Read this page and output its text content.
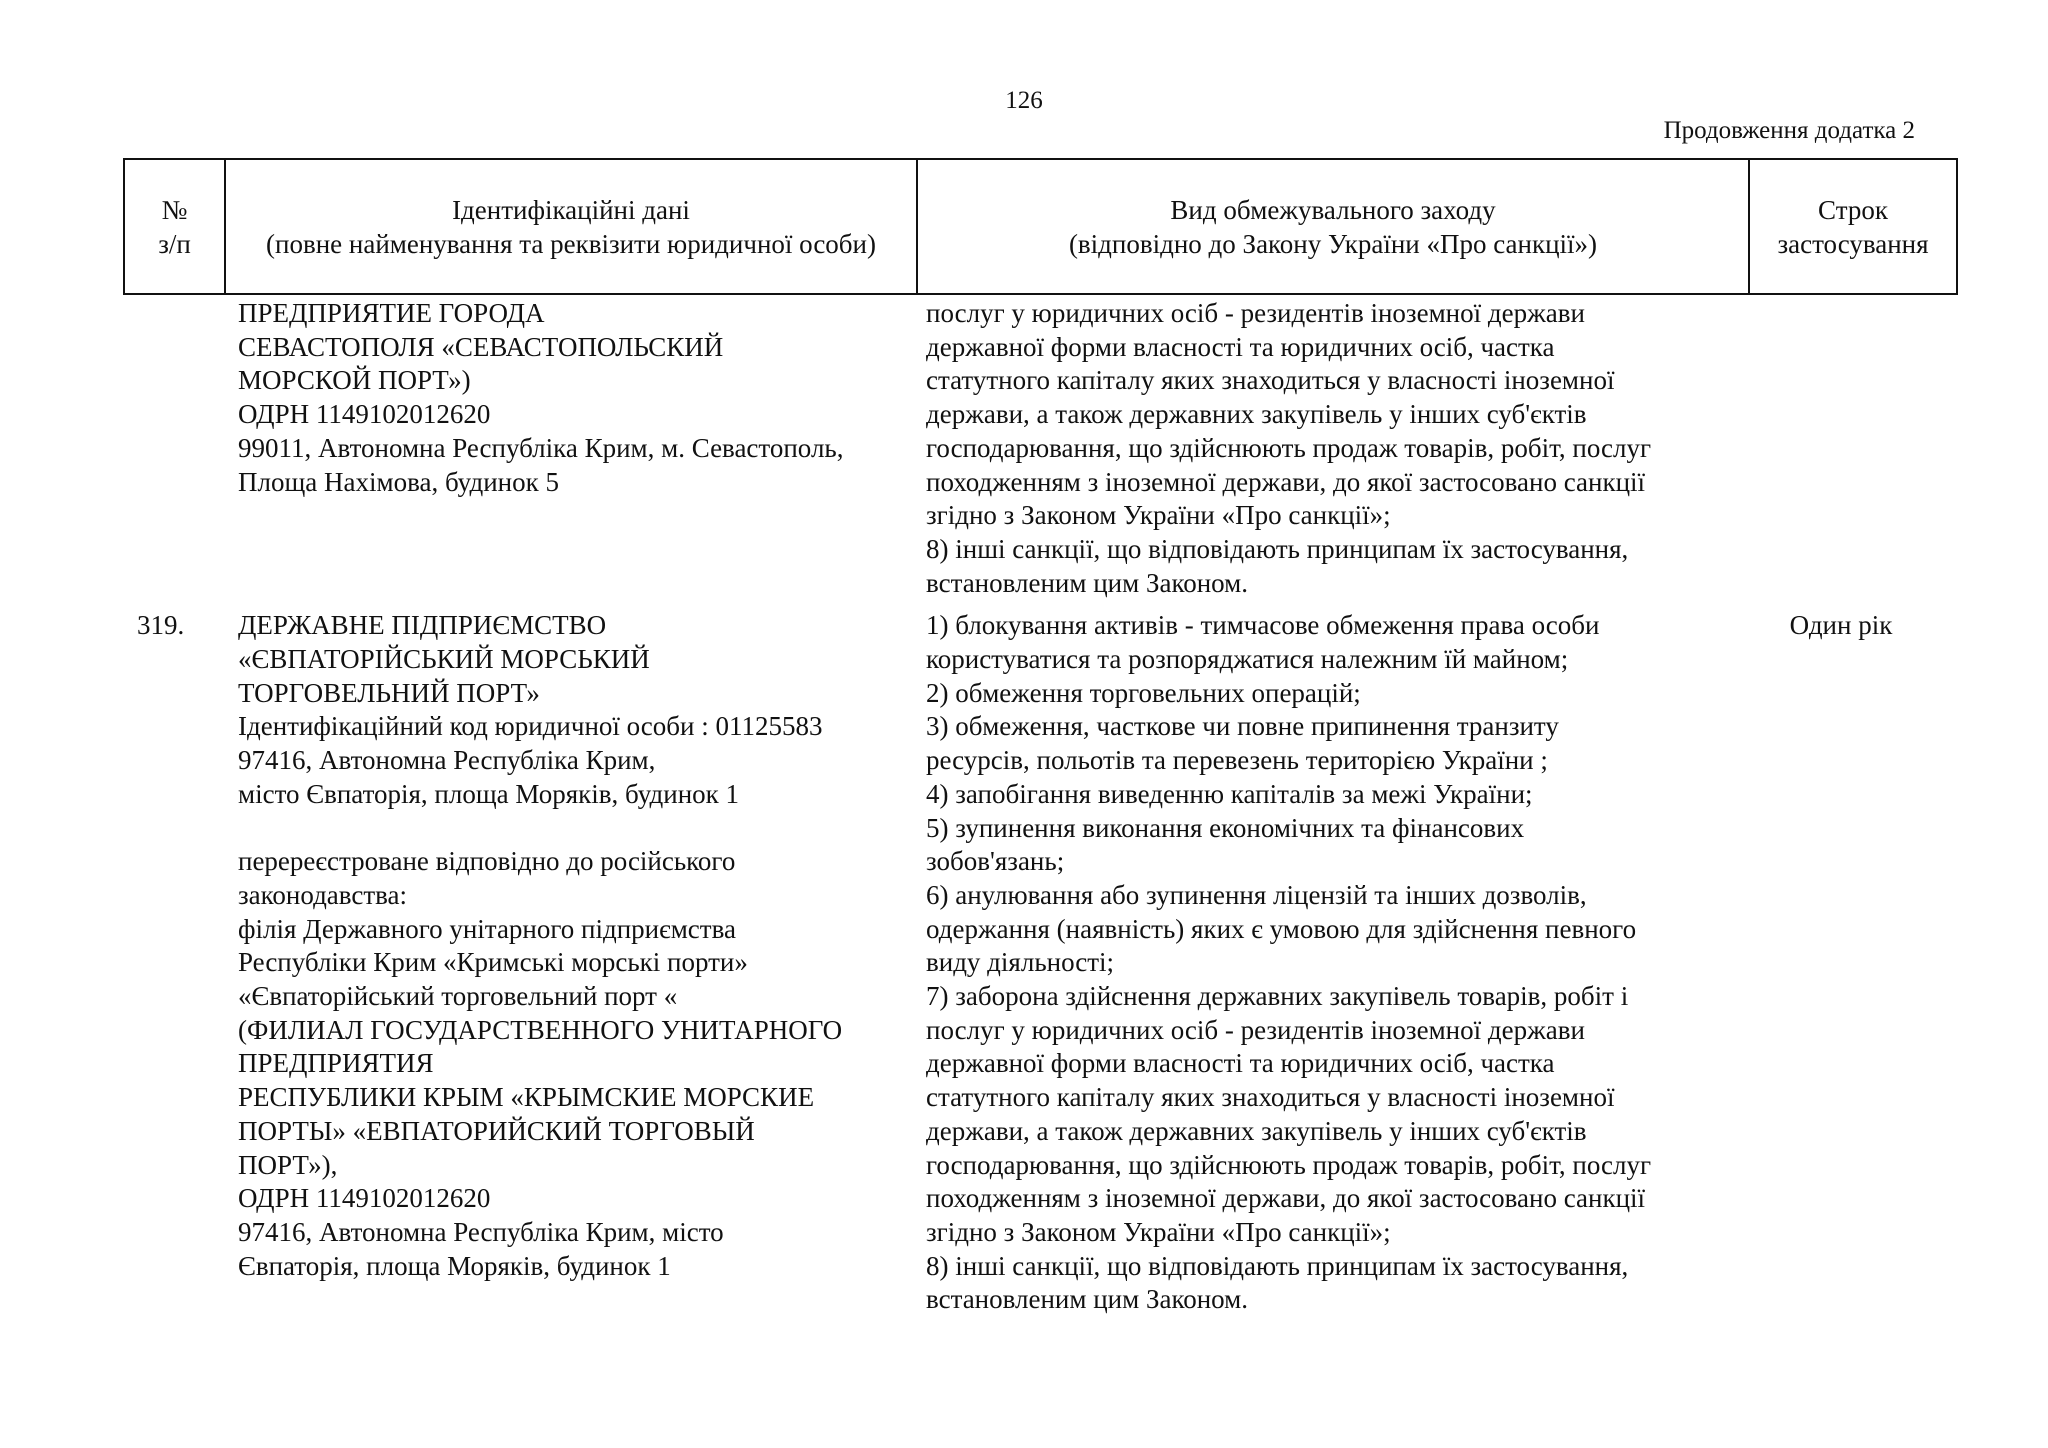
126
Продовження додатка 2
№
з/п
Ідентифікаційні дані
(повне найменування та реквізити юридичної особи)
Вид обмежувального заходу
(відповідно до Закону України «Про санкції»)
Строк
застосування
ПРЕДПРИЯТИЕ ГОРОДА
СЕВАСТОПОЛЯ «СЕВАСТОПОЛЬСКИЙ
МОРСКОЙ ПОРТ»)
ОДРН 1149102012620
99011, Автономна Республіка Крим, м. Севастополь,
Площа Нахімова, будинок 5
послуг у юридичних осіб - резидентів іноземної держави
державної форми власності та юридичних осіб, частка
статутного капіталу яких знаходиться у власності іноземної
держави, а також державних закупівель у інших суб'єктів
господарювання, що здійснюють продаж товарів, робіт, послуг
походженням з іноземної держави, до якої застосовано санкції
згідно з Законом України «Про санкції»;
8) інші санкції, що відповідають принципам їх застосування,
встановленим цим Законом.
319.	ДЕРЖАВНЕ ПІДПРИЄМСТВО
«ЄВПАТОРІЙСЬКИЙ МОРСЬКИЙ
ТОРГОВЕЛЬНИЙ ПОРТ»
Ідентифікаційний код юридичної особи : 01125583
97416, Автономна Республіка Крим,
місто Євпаторія, площа Моряків, будинок 1
перереєстроване відповідно до російського
законодавства:
філія Державного унітарного підприємства
Республіки Крим «Кримські морські порти»
«Євпаторійський торговельний порт «
(ФИЛИАЛ ГОСУДАРСТВЕННОГО УНИТАРНОГО
ПРЕДПРИЯТИЯ
РЕСПУБЛИКИ КРЫМ «КРЫМСКИЕ МОРСКИЕ
ПОРТЫ» «ЕВПАТОРИЙСКИЙ ТОРГОВЫЙ
ПОРТ»),
ОДРН 1149102012620
97416, Автономна Республіка Крим, місто
Євпаторія, площа Моряків, будинок 1
1) блокування активів - тимчасове обмеження права особи
користуватися та розпоряджатися належним їй майном;
2) обмеження торговельних операцій;
3) обмеження, часткове чи повне припинення транзиту
ресурсів, польотів та перевезень територією України ;
4) запобігання виведенню капіталів за межі України;
5) зупинення виконання економічних та фінансових
зобов'язань;
6) анулювання або зупинення ліцензій та інших дозволів,
одержання (наявність) яких є умовою для здійснення певного
виду діяльності;
7) заборона здійснення державних закупівель товарів, робіт і
послуг у юридичних осіб - резидентів іноземної держави
державної форми власності та юридичних осіб, частка
статутного капіталу яких знаходиться у власності іноземної
держави, а також державних закупівель у інших суб'єктів
господарювання, що здійснюють продаж товарів, робіт, послуг
походженням з іноземної держави, до якої застосовано санкції
згідно з Законом України «Про санкції»;
8) інші санкції, що відповідають принципам їх застосування,
встановленим цим Законом.
Один рік
